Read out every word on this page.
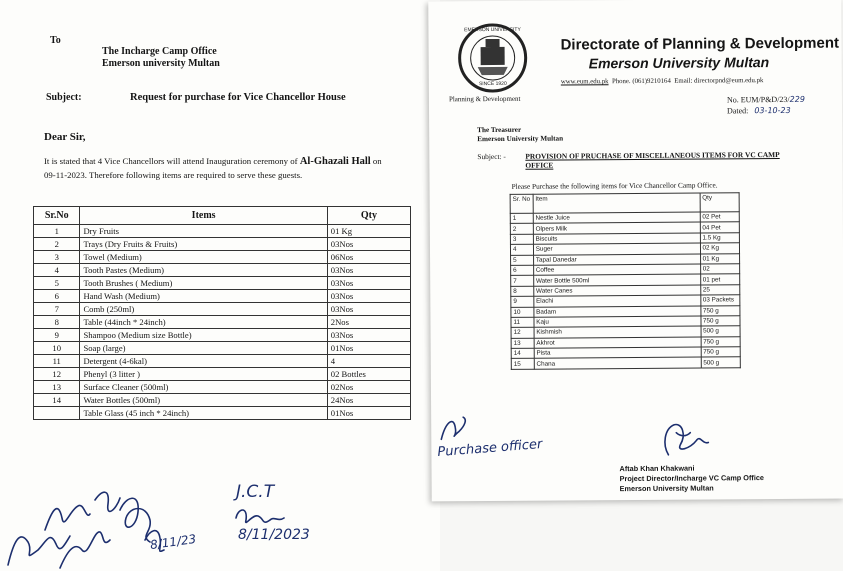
To
The Incharge Camp Office
Emerson university Multan
Subject:	Request for purchase for Vice Chancellor House
Dear Sir,
It is stated that 4 Vice Chancellors will attend Inauguration ceremony of Al-Ghazali Hall on
09-11-2023. Therefore following items are required to serve these guests.
Sr.No	Items	Qty
1	Dry Fruits	01 Kg
2	Trays (Dry Fruits & Fruits)	03Nos
3	Towel (Medium)	06Nos
4	Tooth Pastes (Medium)	03Nos
5	Tooth Brushes ( Medium)	03Nos
6	Hand Wash (Medium)	03Nos
7	Comb (250ml)	03Nos
8	Table (44inch * 24inch)	2Nos
9	Shampoo (Medium size Bottle)	03Nos
10	Soap (large)	01Nos
11	Detergent (4-6kal)	4
12	Phenyl (3 litter )	02 Bottles
13	Surface Cleaner (500ml)	02Nos
14	Water Bottles (500ml)	24Nos
	Table Glass (45 inch * 24inch)	01Nos
8/11/23
J.C.T
8/11/2023
SINCE 1920
EMERSON UNIVERSITY
Planning & Development
Directorate of Planning & Development
Emerson University Multan
www.eum.edu.pk Phone. (061)9210164 Email: directorpnd@eum.edu.pk
No. EUM/P&D/23/229
Dated: 03-10-23
The Treasurer
Emerson University Multan
Subject: -	PROVISION OF PRUCHASE OF MISCELLANEOUS ITEMS FOR VC CAMP
OFFICE
Please Purchase the following items for Vice Chancellor Camp Office.
Sr. No	Item	Qty
1	Nestle Juice	02 Pet
2	Olpers Milk	04 Pet
3	Biscuits	1.5 Kg
4	Suger	02 Kg
5	Tapal Danedar	01 Kg
6	Coffee	02
7	Water Bottle 500ml	01 pet
8	Water Canes	25
9	Elachi	03 Packets
10	Badam	750 g
11	Kaju	750 g
12	Kishmish	500 g
13	Akhrot	750 g
14	Pista	750 g
15	Chana	500 g
Purchase officer
Aftab Khan Khakwani
Project Director/Incharge VC Camp Office
Emerson University Multan
